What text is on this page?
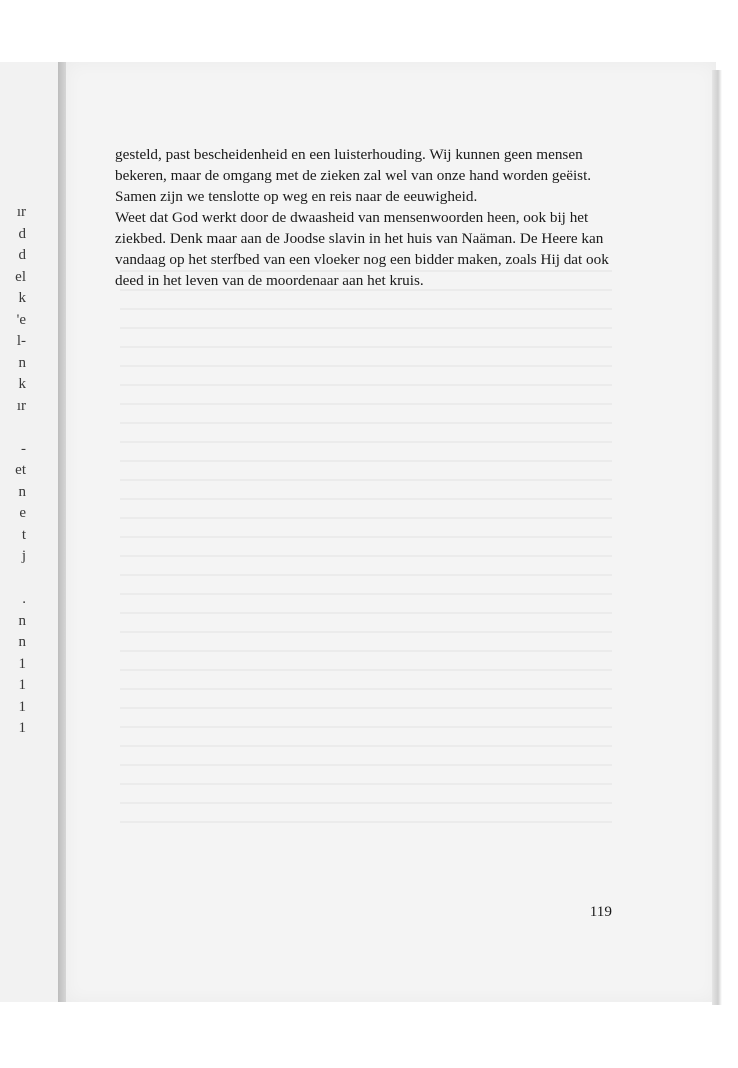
ır
d
d
el
k
'e
l-
n
k
ır
-
et
n
e
t
j
.
n
n
1
1
1
1
gesteld, past bescheidenheid en een luisterhouding. Wij kunnen geen mensen
bekeren, maar de omgang met de zieken zal wel van onze hand worden geëist.
Samen zijn we tenslotte op weg en reis naar de eeuwigheid.
Weet dat God werkt door de dwaasheid van mensenwoorden heen, ook bij het
ziekbed. Denk maar aan de Joodse slavin in het huis van Naäman. De Heere kan
vandaag op het sterfbed van een vloeker nog een bidder maken, zoals Hij dat ook
deed in het leven van de moordenaar aan het kruis.
119
